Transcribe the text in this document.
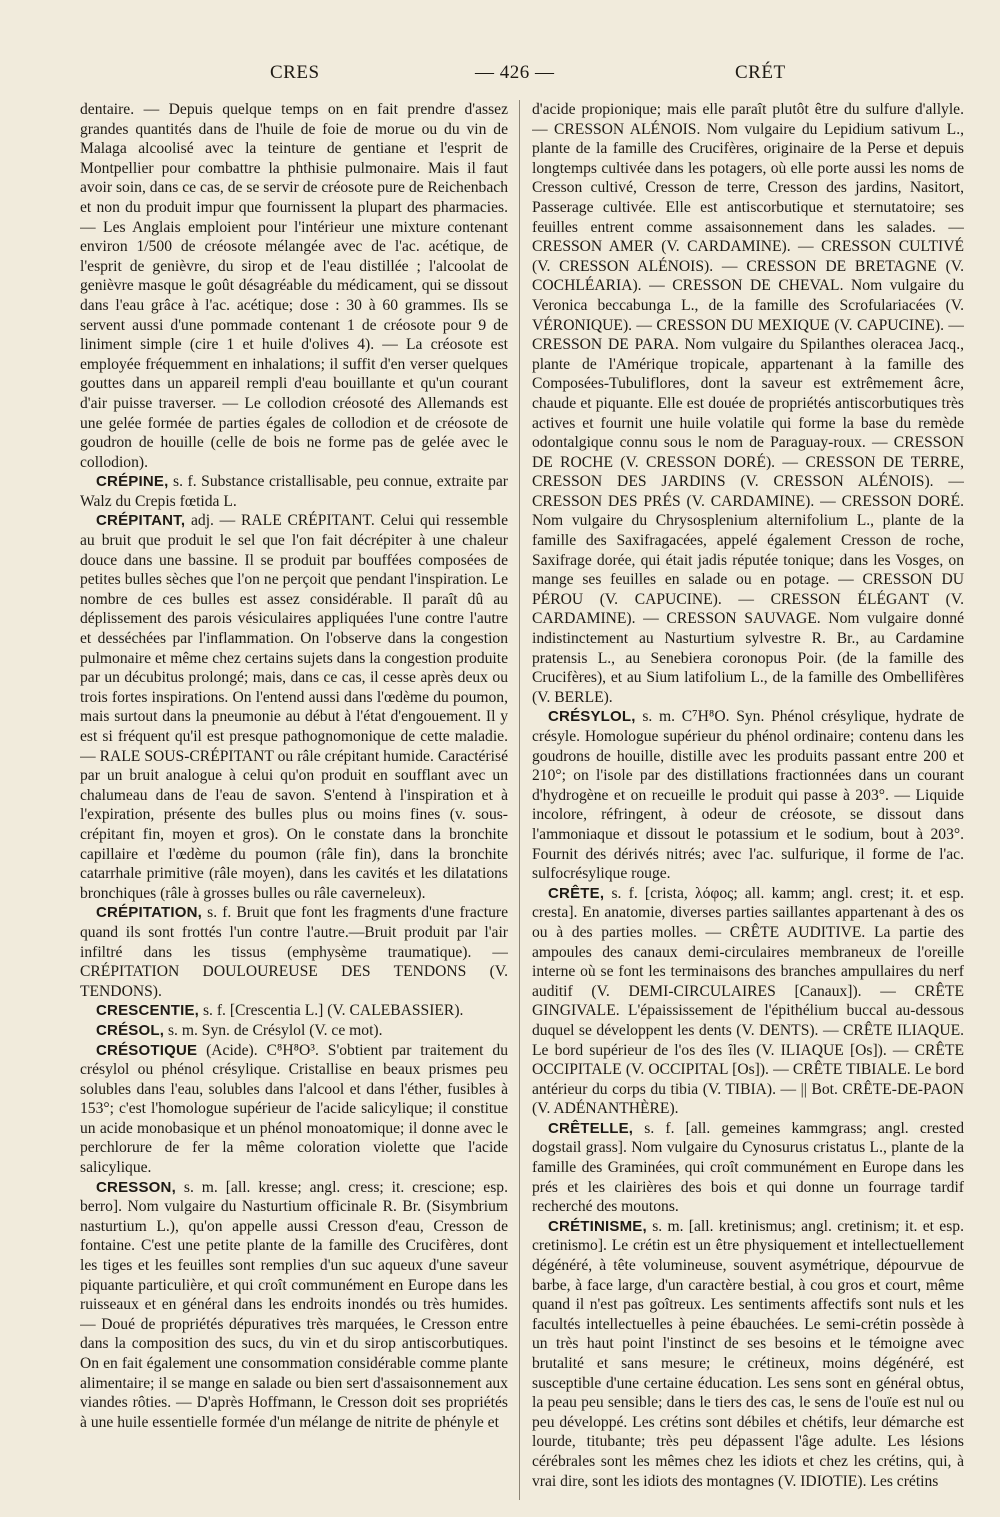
CRES	— 426 —	CRÉT

dentaire. — Depuis quelque temps on en fait prendre d'assez grandes quantités dans de l'huile de foie de morue ou du vin de Malaga alcoolisé avec la teinture de gentiane et l'esprit de Montpellier pour combattre la phthisie pulmonaire. Mais il faut avoir soin, dans ce cas, de se servir de créosote pure de Reichenbach et non du produit impur que fournissent la plupart des pharmacies. — Les Anglais emploient pour l'intérieur une mixture contenant environ 1/500 de créosote mélangée avec de l'ac. acétique, de l'esprit de genièvre, du sirop et de l'eau distillée ; l'alcoolat de genièvre masque le goût désagréable du médicament, qui se dissout dans l'eau grâce à l'ac. acétique; dose : 30 à 60 grammes. Ils se servent aussi d'une pommade contenant 1 de créosote pour 9 de liniment simple (cire 1 et huile d'olives 4). — La créosote est employée fréquemment en inhalations; il suffit d'en verser quelques gouttes dans un appareil rempli d'eau bouillante et qu'un courant d'air puisse traverser. — Le collodion créosoté des Allemands est une gelée formée de parties égales de collodion et de créosote de goudron de houille (celle de bois ne forme pas de gelée avec le collodion).

CRÉPINE, s. f. Substance cristallisable, peu connue, extraite par Walz du Crepis fœtida L.

CRÉPITANT, adj. — RALE CRÉPITANT. Celui qui ressemble au bruit que produit le sel que l'on fait décrépiter à une chaleur douce dans une bassine. Il se produit par bouffées composées de petites bulles sèches que l'on ne perçoit que pendant l'inspiration. Le nombre de ces bulles est assez considérable. Il paraît dû au déplissement des parois vésiculaires appliquées l'une contre l'autre et desséchées par l'inflammation. On l'observe dans la congestion pulmonaire et même chez certains sujets dans la congestion produite par un décubitus prolongé; mais, dans ce cas, il cesse après deux ou trois fortes inspirations. On l'entend aussi dans l'œdème du poumon, mais surtout dans la pneumonie au début à l'état d'engouement. Il y est si fréquent qu'il est presque pathognomonique de cette maladie. — RALE SOUS-CRÉPITANT ou râle crépitant humide. Caractérisé par un bruit analogue à celui qu'on produit en soufflant avec un chalumeau dans de l'eau de savon. S'entend à l'inspiration et à l'expiration, présente des bulles plus ou moins fines (v. sous-crépitant fin, moyen et gros). On le constate dans la bronchite capillaire et l'œdème du poumon (râle fin), dans la bronchite catarrhale primitive (râle moyen), dans les cavités et les dilatations bronchiques (râle à grosses bulles ou râle caverneleux).

CRÉPITATION, s. f. Bruit que font les fragments d'une fracture quand ils sont frottés l'un contre l'autre.—Bruit produit par l'air infiltré dans les tissus (emphysème traumatique). — CRÉPITATION DOULOUREUSE DES TENDONS (V. TENDONS).

CRESCENTIE, s. f. [Crescentia L.] (V. CALEBASSIER).

CRÉSOL, s. m. Syn. de Crésylol (V. ce mot).

CRÉSOTIQUE (Acide). C⁸H⁸O³. S'obtient par traitement du crésylol ou phénol crésylique. Cristallise en beaux prismes peu solubles dans l'eau, solubles dans l'alcool et dans l'éther, fusibles à 153°; c'est l'homologue supérieur de l'acide salicylique; il constitue un acide monobasique et un phénol monoatomique; il donne avec le perchlorure de fer la même coloration violette que l'acide salicylique.

CRESSON, s. m. [all. kresse; angl. cress; it. crescione; esp. berro]. Nom vulgaire du Nasturtium officinale R. Br. (Sisymbrium nasturtium L.), qu'on appelle aussi Cresson d'eau, Cresson de fontaine. C'est une petite plante de la famille des Crucifères, dont les tiges et les feuilles sont remplies d'un suc aqueux d'une saveur piquante particulière, et qui croît communément en Europe dans les ruisseaux et en général dans les endroits inondés ou très humides. — Doué de propriétés dépuratives très marquées, le Cresson entre dans la composition des sucs, du vin et du sirop antiscorbutiques. On en fait également une consommation considérable comme plante alimentaire; il se mange en salade ou bien sert d'assaisonnement aux viandes rôties. — D'après Hoffmann, le Cresson doit ses propriétés à une huile essentielle formée d'un mélange de nitrite de phényle et

d'acide propionique; mais elle paraît plutôt être du sulfure d'allyle. — CRESSON ALÉNOIS. Nom vulgaire du Lepidium sativum L., plante de la famille des Crucifères, originaire de la Perse et depuis longtemps cultivée dans les potagers, où elle porte aussi les noms de Cresson cultivé, Cresson de terre, Cresson des jardins, Nasitort, Passerage cultivée. Elle est antiscorbutique et sternutatoire; ses feuilles entrent comme assaisonnement dans les salades. — CRESSON AMER (V. CARDAMINE). — CRESSON CULTIVÉ (V. CRESSON ALÉNOIS). — CRESSON DE BRETAGNE (V. COCHLÉARIA). — CRESSON DE CHEVAL. Nom vulgaire du Veronica beccabunga L., de la famille des Scrofulariacées (V. VÉRONIQUE). — CRESSON DU MEXIQUE (V. CAPUCINE). — CRESSON DE PARA. Nom vulgaire du Spilanthes oleracea Jacq., plante de l'Amérique tropicale, appartenant à la famille des Composées-Tubuliflores, dont la saveur est extrêmement âcre, chaude et piquante. Elle est douée de propriétés antiscorbutiques très actives et fournit une huile volatile qui forme la base du remède odontalgique connu sous le nom de Paraguay-roux. — CRESSON DE ROCHE (V. CRESSON DORÉ). — CRESSON DE TERRE, CRESSON DES JARDINS (V. CRESSON ALÉNOIS). — CRESSON DES PRÉS (V. CARDAMINE). — CRESSON DORÉ. Nom vulgaire du Chrysosplenium alternifolium L., plante de la famille des Saxifragacées, appelé également Cresson de roche, Saxifrage dorée, qui était jadis réputée tonique; dans les Vosges, on mange ses feuilles en salade ou en potage. — CRESSON DU PÉROU (V. CAPUCINE). — CRESSON ÉLÉGANT (V. CARDAMINE). — CRESSON SAUVAGE. Nom vulgaire donné indistinctement au Nasturtium sylvestre R. Br., au Cardamine pratensis L., au Senebiera coronopus Poir. (de la famille des Crucifères), et au Sium latifolium L., de la famille des Ombellifères (V. BERLE).

CRÉSYLOL, s. m. C⁷H⁸O. Syn. Phénol crésylique, hydrate de crésyle. Homologue supérieur du phénol ordinaire; contenu dans les goudrons de houille, distille avec les produits passant entre 200 et 210°; on l'isole par des distillations fractionnées dans un courant d'hydrogène et on recueille le produit qui passe à 203°. — Liquide incolore, réfringent, à odeur de créosote, se dissout dans l'ammoniaque et dissout le potassium et le sodium, bout à 203°. Fournit des dérivés nitrés; avec l'ac. sulfurique, il forme de l'ac. sulfocrésylique rouge.

CRÊTE, s. f. [crista, λόφος; all. kamm; angl. crest; it. et esp. cresta]. En anatomie, diverses parties saillantes appartenant à des os ou à des parties molles. — CRÊTE AUDITIVE. La partie des ampoules des canaux demi-circulaires membraneux de l'oreille interne où se font les terminaisons des branches ampullaires du nerf auditif (V. DEMI-CIRCULAIRES [Canaux]). — CRÊTE GINGIVALE. L'épaississement de l'épithélium buccal au-dessous duquel se développent les dents (V. DENTS). — CRÊTE ILIAQUE. Le bord supérieur de l'os des îles (V. ILIAQUE [Os]). — CRÊTE OCCIPITALE (V. OCCIPITAL [Os]). — CRÊTE TIBIALE. Le bord antérieur du corps du tibia (V. TIBIA). — || Bot. CRÊTE-DE-PAON (V. ADÉNANTHÈRE).

CRÊTELLE, s. f. [all. gemeines kammgrass; angl. crested dogstail grass]. Nom vulgaire du Cynosurus cristatus L., plante de la famille des Graminées, qui croît communément en Europe dans les prés et les clairières des bois et qui donne un fourrage tardif recherché des moutons.

CRÉTINISME, s. m. [all. kretinismus; angl. cretinism; it. et esp. cretinismo]. Le crétin est un être physiquement et intellectuellement dégénéré, à tête volumineuse, souvent asymétrique, dépourvue de barbe, à face large, d'un caractère bestial, à cou gros et court, même quand il n'est pas goîtreux. Les sentiments affectifs sont nuls et les facultés intellectuelles à peine ébauchées. Le semi-crétin possède à un très haut point l'instinct de ses besoins et le témoigne avec brutalité et sans mesure; le crétineux, moins dégénéré, est susceptible d'une certaine éducation. Les sens sont en général obtus, la peau peu sensible; dans le tiers des cas, le sens de l'ouïe est nul ou peu développé. Les crétins sont débiles et chétifs, leur démarche est lourde, titubante; très peu dépassent l'âge adulte. Les lésions cérébrales sont les mêmes chez les idiots et chez les crétins, qui, à vrai dire, sont les idiots des montagnes (V. IDIOTIE). Les crétins
